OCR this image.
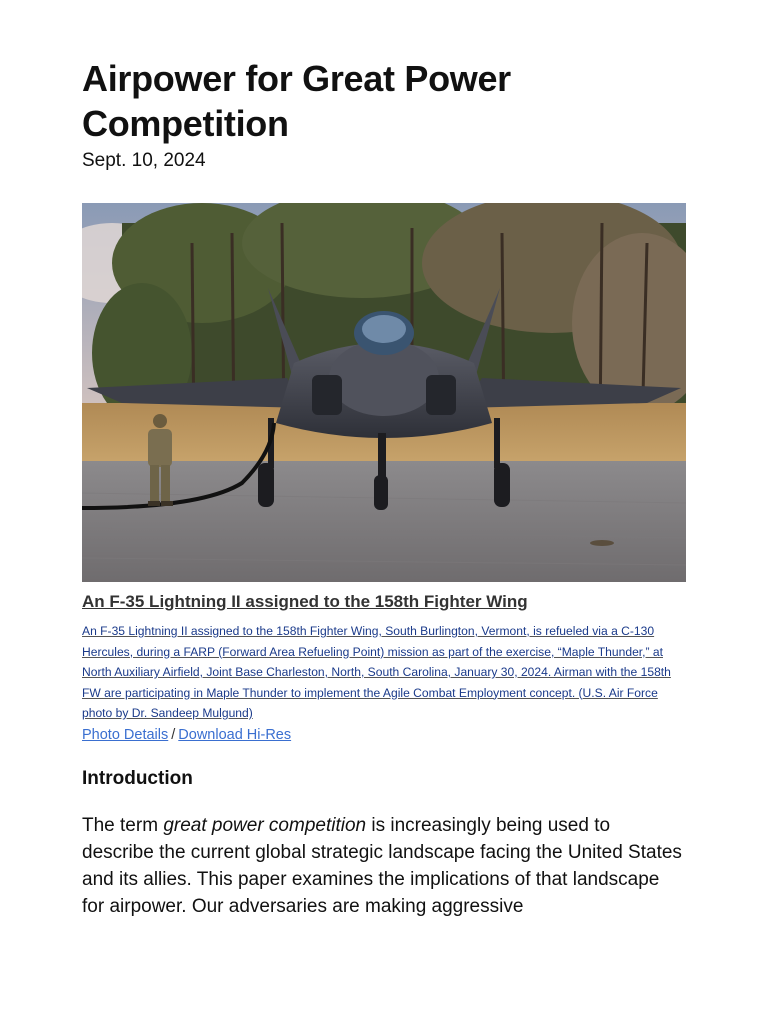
Airpower for Great Power Competition
Sept. 10, 2024
An F-35 Lightning II assigned to the 158th Fighter Wing
An F-35 Lightning II assigned to the 158th Fighter Wing, South Burlington, Vermont, is refueled via a C-130 Hercules, during a FARP (Forward Area Refueling Point) mission as part of the exercise, “Maple Thunder,” at North Auxiliary Airfield, Joint Base Charleston, North, South Carolina, January 30, 2024. Airman with the 158th FW are participating in Maple Thunder to implement the Agile Combat Employment concept. (U.S. Air Force photo by Dr. Sandeep Mulgund)
Photo Details / Download Hi-Res
Introduction

The term great power competition is increasingly being used to describe the current global strategic landscape facing the United States and its allies. This paper examines the implications of that landscape for airpower. Our adversaries are making aggressive
